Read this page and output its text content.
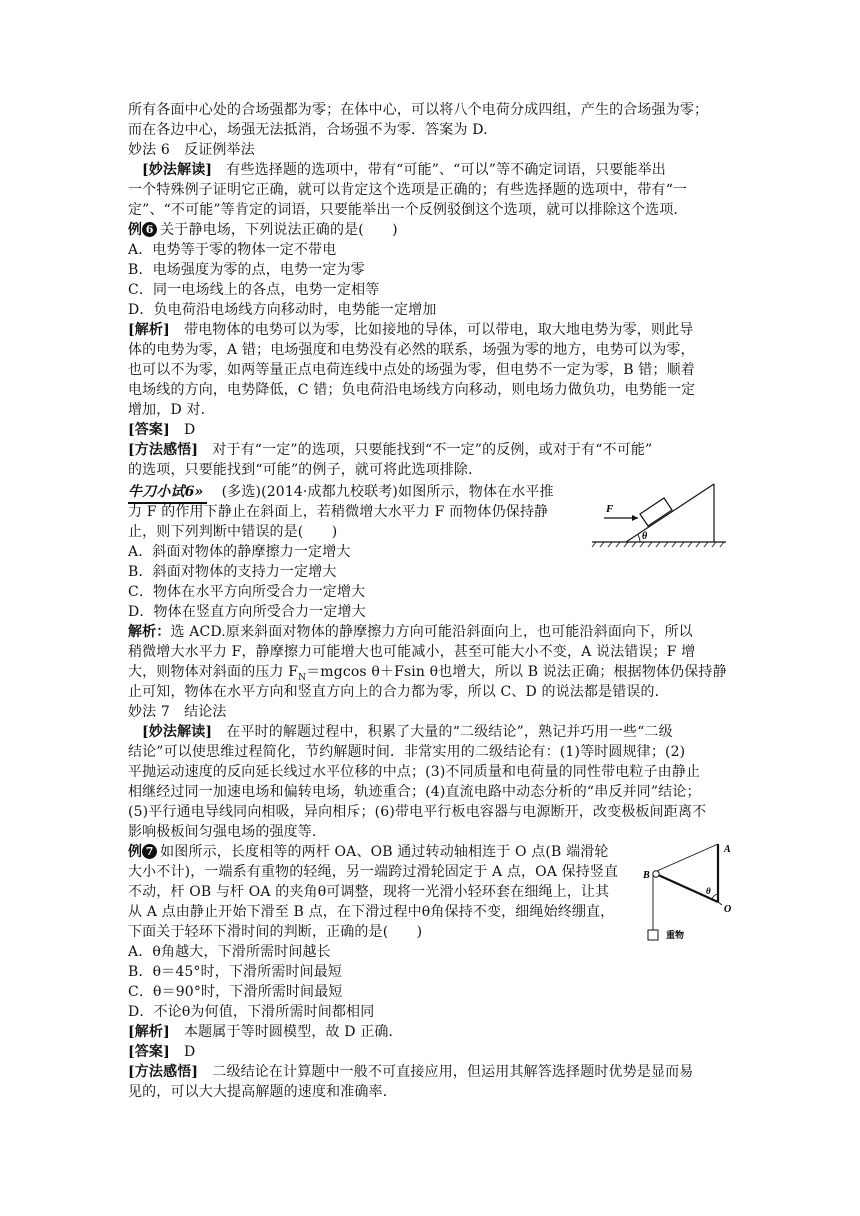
所有各面中心处的合场强都为零；在体中心，可以将八个电荷分成四组，产生的合场强为零；
而在各边中心，场强无法抵消，合场强不为零．答案为 D.
妙法 6　反证例举法
[妙法解读]　有些选择题的选项中，带有“可能”、“可以”等不确定词语，只要能举出
一个特殊例子证明它正确，就可以肯定这个选项是正确的；有些选择题的选项中，带有“一
定”、“不可能”等肯定的词语，只要能举出一个反例驳倒这个选项，就可以排除这个选项．
例 6 关于静电场，下列说法正确的是(　　)
A．电势等于零的物体一定不带电
B．电场强度为零的点，电势一定为零
C．同一电场线上的各点，电势一定相等
D．负电荷沿电场线方向移动时，电势能一定增加
[解析]　带电物体的电势可以为零，比如接地的导体，可以带电，取大地电势为零，则此导
体的电势为零，A 错；电场强度和电势没有必然的联系，场强为零的地方，电势可以为零，
也可以不为零，如两等量正点电荷连线中点处的场强为零，但电势不一定为零，B 错；顺着
电场线的方向，电势降低，C 错；负电荷沿电场线方向移动，则电场力做负功，电势能一定
增加，D 对．
[答案]　D
[方法感悟]　对于有“一定”的选项，只要能找到“不一定”的反例，或对于有“不可能”
的选项，只要能找到“可能”的例子，就可将此选项排除．
牛刀小试6»　 (多选)(2014·成都九校联考)如图所示，物体在水平推
力 F 的作用下静止在斜面上，若稍微增大水平力 F 而物体仍保持静
止，则下列判断中错误的是(　　)
A．斜面对物体的静摩擦力一定增大
B．斜面对物体的支持力一定增大
C．物体在水平方向所受合力一定增大
D．物体在竖直方向所受合力一定增大
解析：选 ACD.原来斜面对物体的静摩擦力方向可能沿斜面向上，也可能沿斜面向下，所以
稍微增大水平力 F，静摩擦力可能增大也可能减小，甚至可能大小不变，A 说法错误；F 增
大，则物体对斜面的压力 $F_N=mgcos$ θ＋Fsin θ也增大，所以 B 说法正确；根据物体仍保持静
止可知，物体在水平方向和竖直方向上的合力都为零，所以 C、D 的说法都是错误的．
妙法 7　结论法
[妙法解读]　在平时的解题过程中，积累了大量的“二级结论”，熟记并巧用一些“二级
结论”可以使思维过程简化，节约解题时间．非常实用的二级结论有：(1)等时圆规律；(2)
平抛运动速度的反向延长线过水平位移的中点；(3)不同质量和电荷量的同性带电粒子由静止
相继经过同一加速电场和偏转电场，轨迹重合；(4)直流电路中动态分析的“串反并同”结论；
(5)平行通电导线同向相吸，异向相斥；(6)带电平行板电容器与电源断开，改变极板间距离不
影响极板间匀强电场的强度等．
例 7 如图所示，长度相等的两杆 OA、OB 通过转动轴相连于 O 点(B 端滑轮
大小不计)，一端系有重物的轻绳，另一端跨过滑轮固定于 A 点，OA 保持竖直
不动，杆 OB 与杆 OA 的夹角θ可调整，现将一光滑小轻环套在细绳上，让其
从 A 点由静止开始下滑至 B 点，在下滑过程中θ角保持不变，细绳始终绷直，
下面关于轻环下滑时间的判断，正确的是(　　)
A．θ角越大，下滑所需时间越长
B．θ＝45°时，下滑所需时间最短
C．θ＝90°时，下滑所需时间最短
D．不论θ为何值，下滑所需时间都相同
[解析]　本题属于等时圆模型，故 D 正确．
[答案]　D
[方法感悟]　二级结论在计算题中一般不可直接应用，但运用其解答选择题时优势是显而易
见的，可以大大提高解题的速度和准确率．
F
θ
A
B
O
θ
重物
